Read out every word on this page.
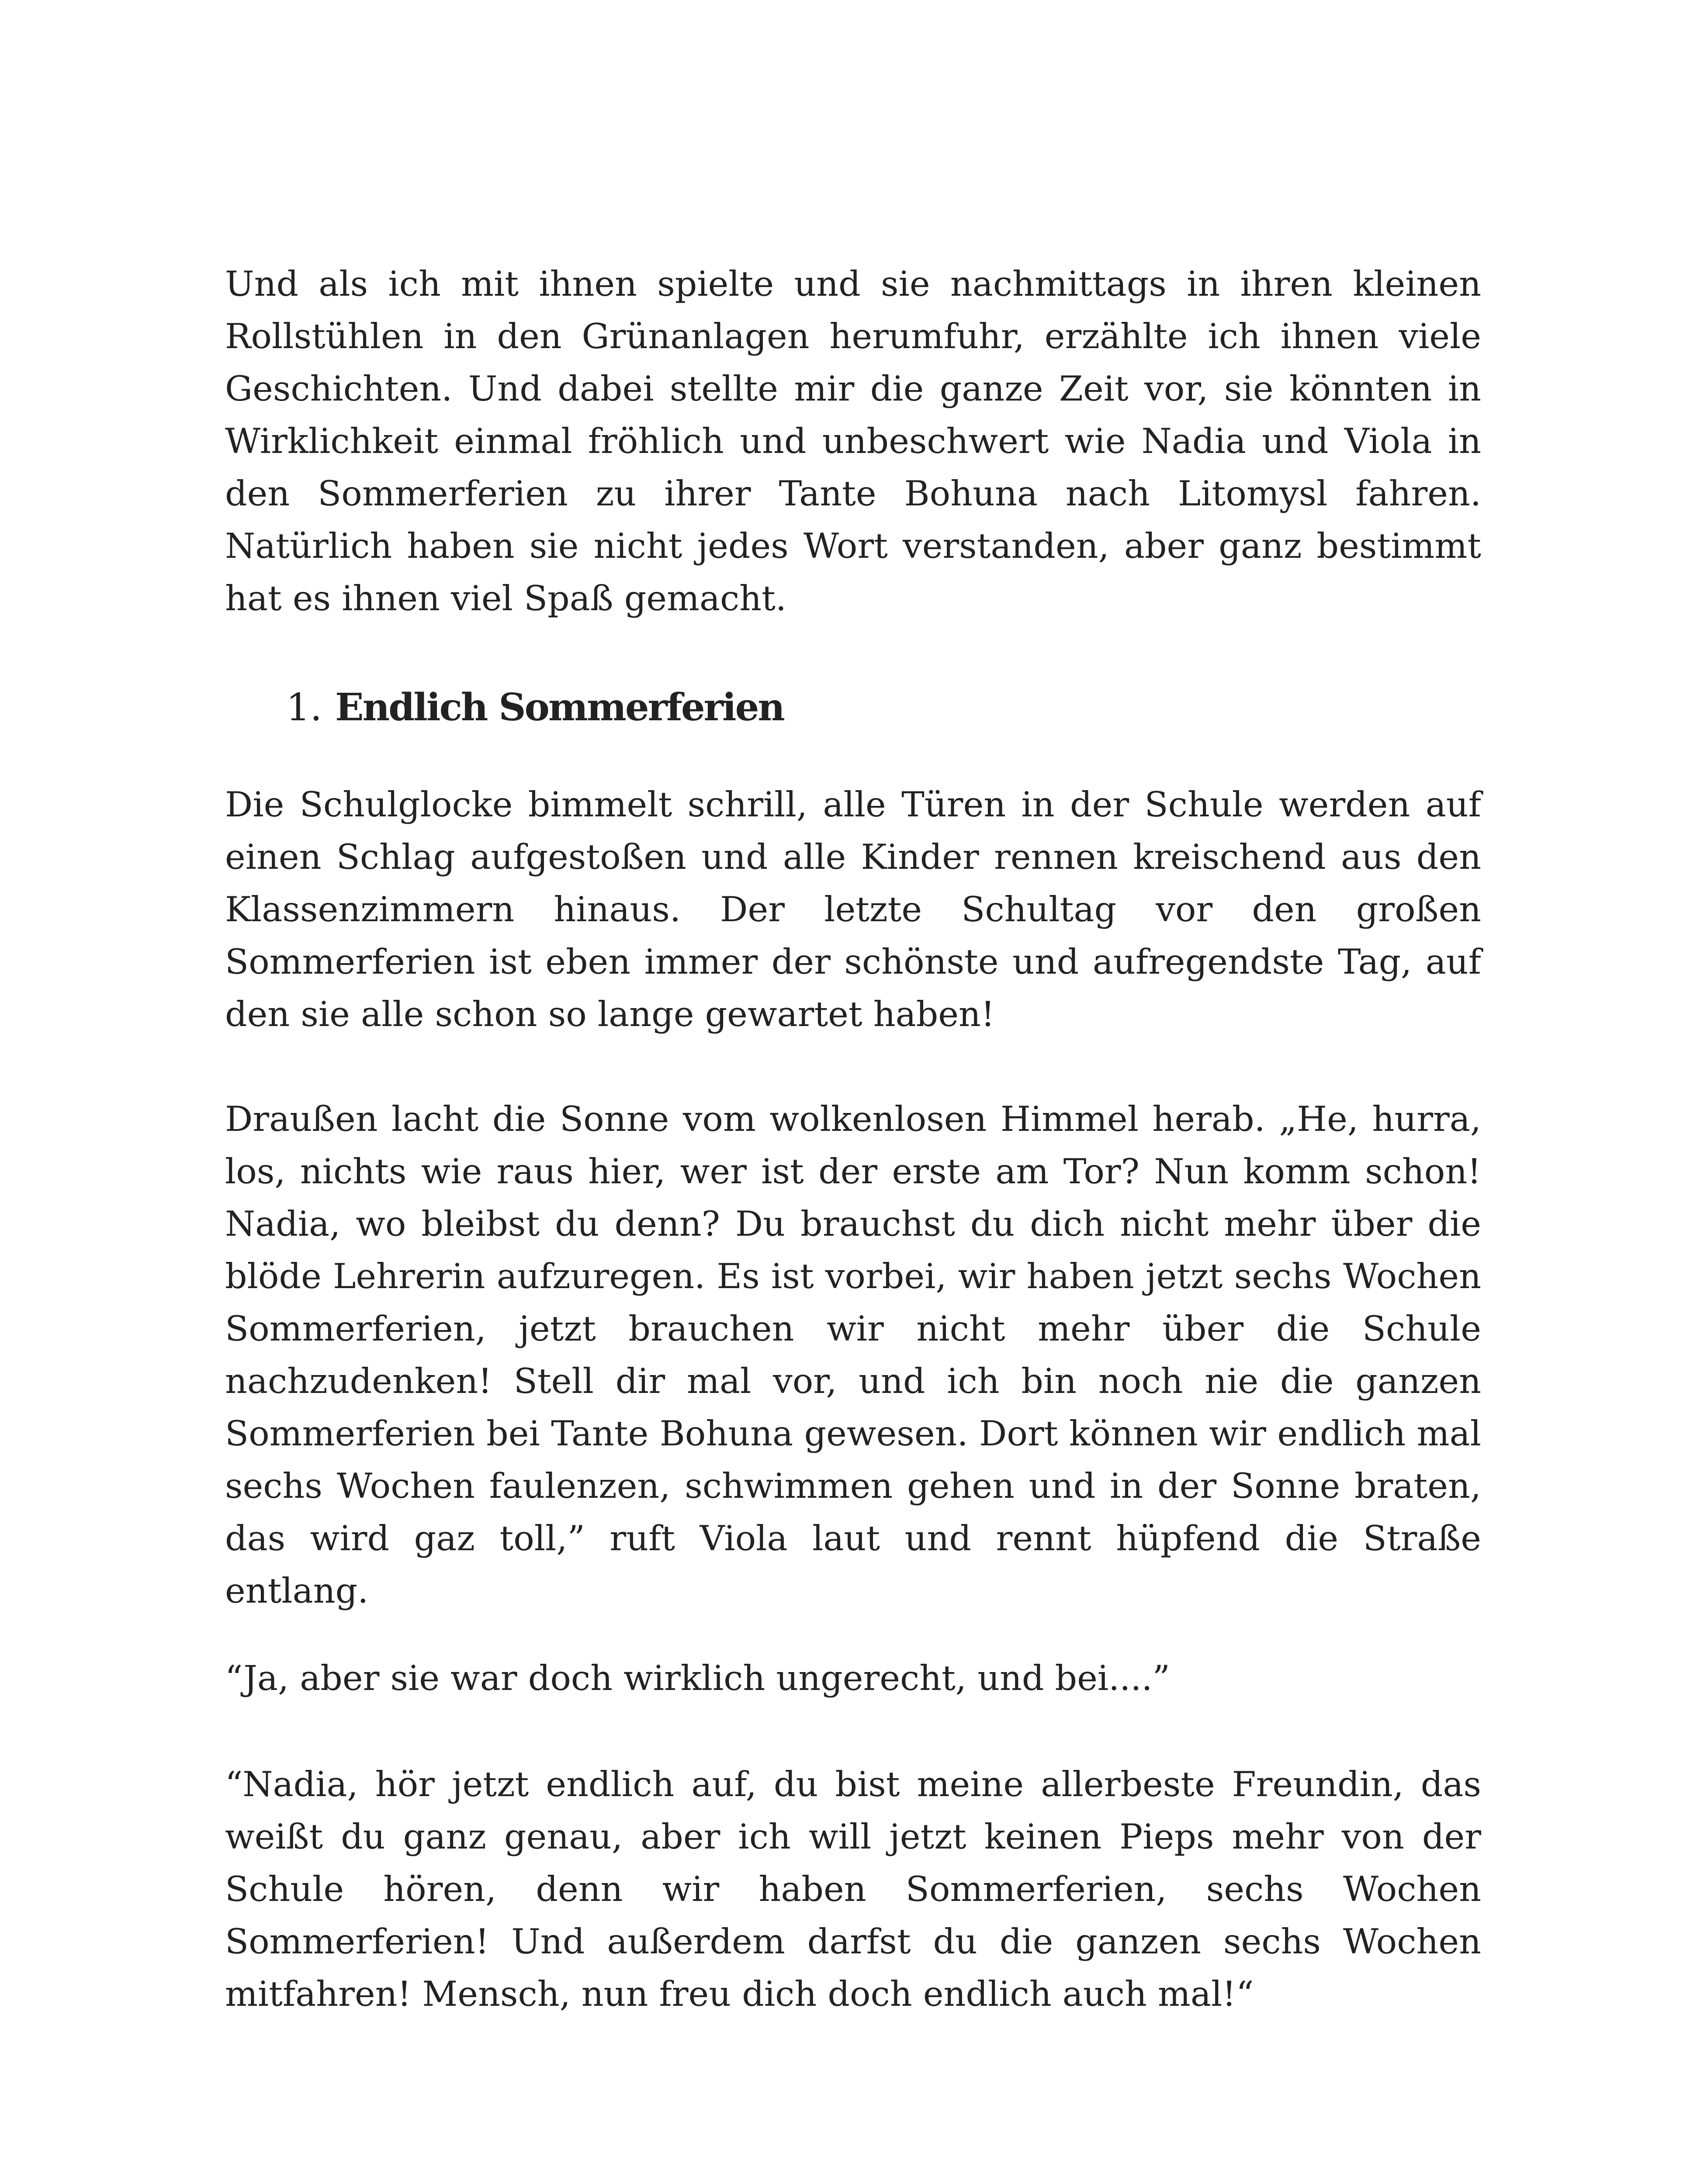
Und als ich mit ihnen spielte und sie nachmittags in ihren kleinen Rollstühlen in den Grünanlagen herumfuhr, erzählte ich ihnen viele Geschichten. Und dabei stellte mir die ganze Zeit vor, sie könnten in Wirklichkeit einmal fröhlich und unbeschwert wie Nadia und Viola in den Sommerferien zu ihrer Tante Bohuna nach Litomysl fahren. Natürlich haben sie nicht jedes Wort verstanden, aber ganz bestimmt hat es ihnen viel Spaß gemacht.

1. Endlich Sommerferien

Die Schulglocke bimmelt schrill, alle Türen in der Schule werden auf einen Schlag aufgestoßen und alle Kinder rennen kreischend aus den Klassenzimmern hinaus. Der letzte Schultag vor den großen Sommerferien ist eben immer der schönste und aufregendste Tag, auf den sie alle schon so lange gewartet haben!

Draußen lacht die Sonne vom wolkenlosen Himmel herab. „He, hurra, los, nichts wie raus hier, wer ist der erste am Tor? Nun komm schon! Nadia, wo bleibst du denn? Du brauchst du dich nicht mehr über die blöde Lehrerin aufzuregen. Es ist vorbei, wir haben jetzt sechs Wochen Sommerferien, jetzt brauchen wir nicht mehr über die Schule nachzudenken! Stell dir mal vor, und ich bin noch nie die ganzen Sommerferien bei Tante Bohuna gewesen. Dort können wir endlich mal sechs Wochen faulenzen, schwimmen gehen und in der Sonne braten, das wird gaz toll,” ruft Viola laut und rennt hüpfend die Straße entlang.

“Ja, aber sie war doch wirklich ungerecht, und bei....”

“Nadia, hör jetzt endlich auf, du bist meine allerbeste Freundin, das weißt du ganz genau, aber ich will jetzt keinen Pieps mehr von der Schule hören, denn wir haben Sommerferien, sechs Wochen Sommerferien! Und außerdem darfst du die ganzen sechs Wochen mitfahren! Mensch, nun freu dich doch endlich auch mal!“
